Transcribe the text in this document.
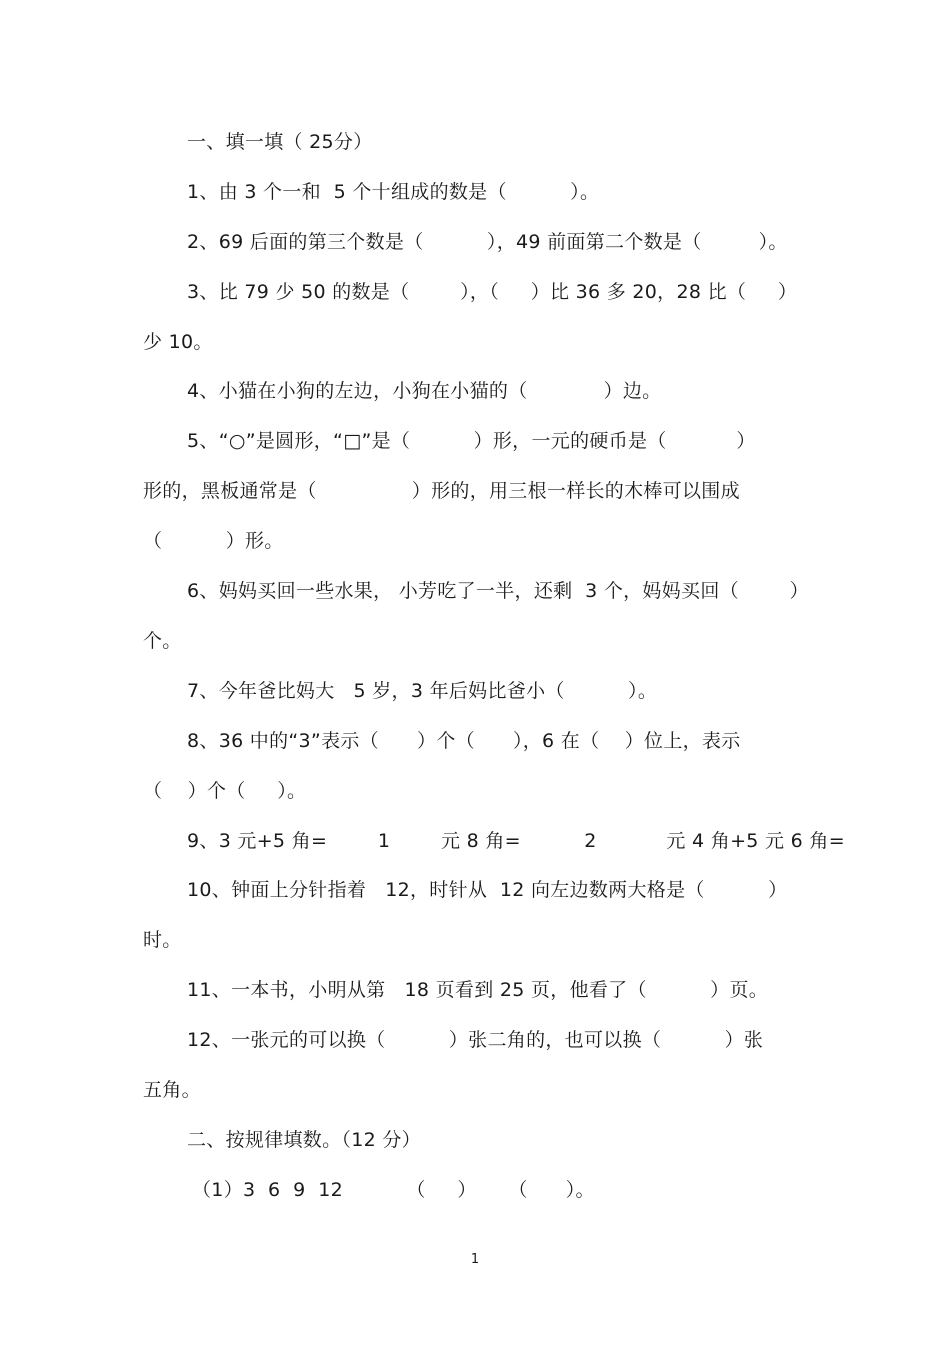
一、填一填（ 25分）
1、由 3 个一和  5 个十组成的数是（          ）。
2、69 后面的第三个数是（          ），49 前面第二个数是（         ）。
3、比 79 少 50 的数是（        ），（     ）比 36 多 20，28 比（     ）
少 10。
4、小猫在小狗的左边，小狗在小猫的（            ）边。
5、“○”是圆形，“□”是（          ）形，一元的硬币是（           ）
形的，黑板通常是（               ）形的，用三根一样长的木棒可以围成
（          ）形。
6、妈妈买回一些水果， 小芳吃了一半，还剩  3 个，妈妈买回（        ）
个。
7、今年爸比妈大   5 岁，3 年后妈比爸小（          ）。
8、36 中的“3”表示（      ）个（      ），6 在（    ）位上，表示
（    ）个（     ）。
9、3 元+5 角=        1        元 8 角=          2           元 4 角+5 元 6 角=
10、钟面上分针指着   12，时针从  12 向左边数两大格是（          ）
时。
11、一本书，小明从第   18 页看到 25 页，他看了（          ）页。
12、一张元的可以换（          ）张二角的，也可以换（          ）张
五角。
二、按规律填数。（12 分）
（1）3  6  9  12          （     ）     （      ）。
1
